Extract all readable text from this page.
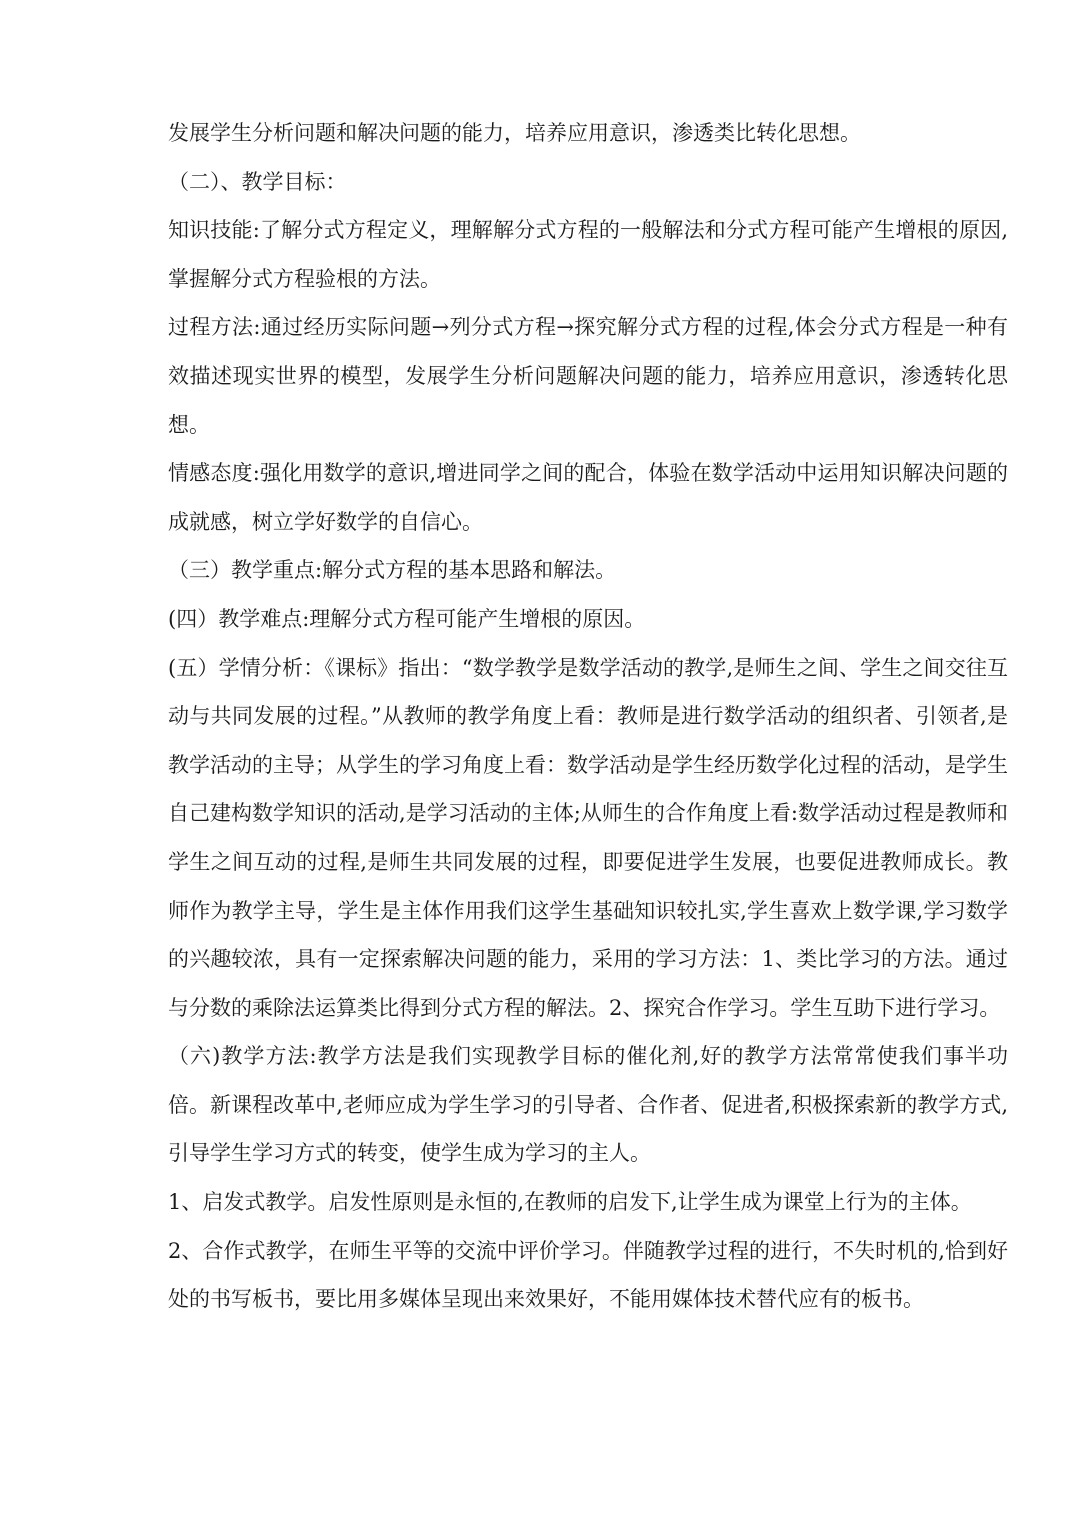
发展学生分析问题和解决问题的能力，培养应用意识，渗透类比转化思想。

（二）、教学目标：

知识技能:了解分式方程定义，理解解分式方程的一般解法和分式方程可能产生增根的原因,掌握解分式方程验根的方法。

过程方法:通过经历实际问题→列分式方程→探究解分式方程的过程,体会分式方程是一种有效描述现实世界的模型，发展学生分析问题解决问题的能力，培养应用意识，渗透转化思想。

情感态度:强化用数学的意识,增进同学之间的配合，体验在数学活动中运用知识解决问题的成就感，树立学好数学的自信心。

（三）教学重点:解分式方程的基本思路和解法。

(四）教学难点:理解分式方程可能产生增根的原因。

(五）学情分析：《课标》指出：“数学教学是数学活动的教学,是师生之间、学生之间交往互动与共同发展的过程。”从教师的教学角度上看：教师是进行数学活动的组织者、引领者,是教学活动的主导；从学生的学习角度上看：数学活动是学生经历数学化过程的活动，是学生自己建构数学知识的活动,是学习活动的主体;从师生的合作角度上看:数学活动过程是教师和学生之间互动的过程,是师生共同发展的过程，即要促进学生发展，也要促进教师成长。教师作为教学主导，学生是主体作用我们这学生基础知识较扎实,学生喜欢上数学课,学习数学的兴趣较浓，具有一定探索解决问题的能力，采用的学习方法：1、类比学习的方法。通过与分数的乘除法运算类比得到分式方程的解法。2、探究合作学习。学生互助下进行学习。

（六)教学方法:教学方法是我们实现教学目标的催化剂,好的教学方法常常使我们事半功倍。新课程改革中,老师应成为学生学习的引导者、合作者、促进者,积极探索新的教学方式,引导学生学习方式的转变，使学生成为学习的主人。

1、启发式教学。启发性原则是永恒的,在教师的启发下,让学生成为课堂上行为的主体。

2、合作式教学，在师生平等的交流中评价学习。伴随教学过程的进行，不失时机的,恰到好处的书写板书，要比用多媒体呈现出来效果好，不能用媒体技术替代应有的板书。
